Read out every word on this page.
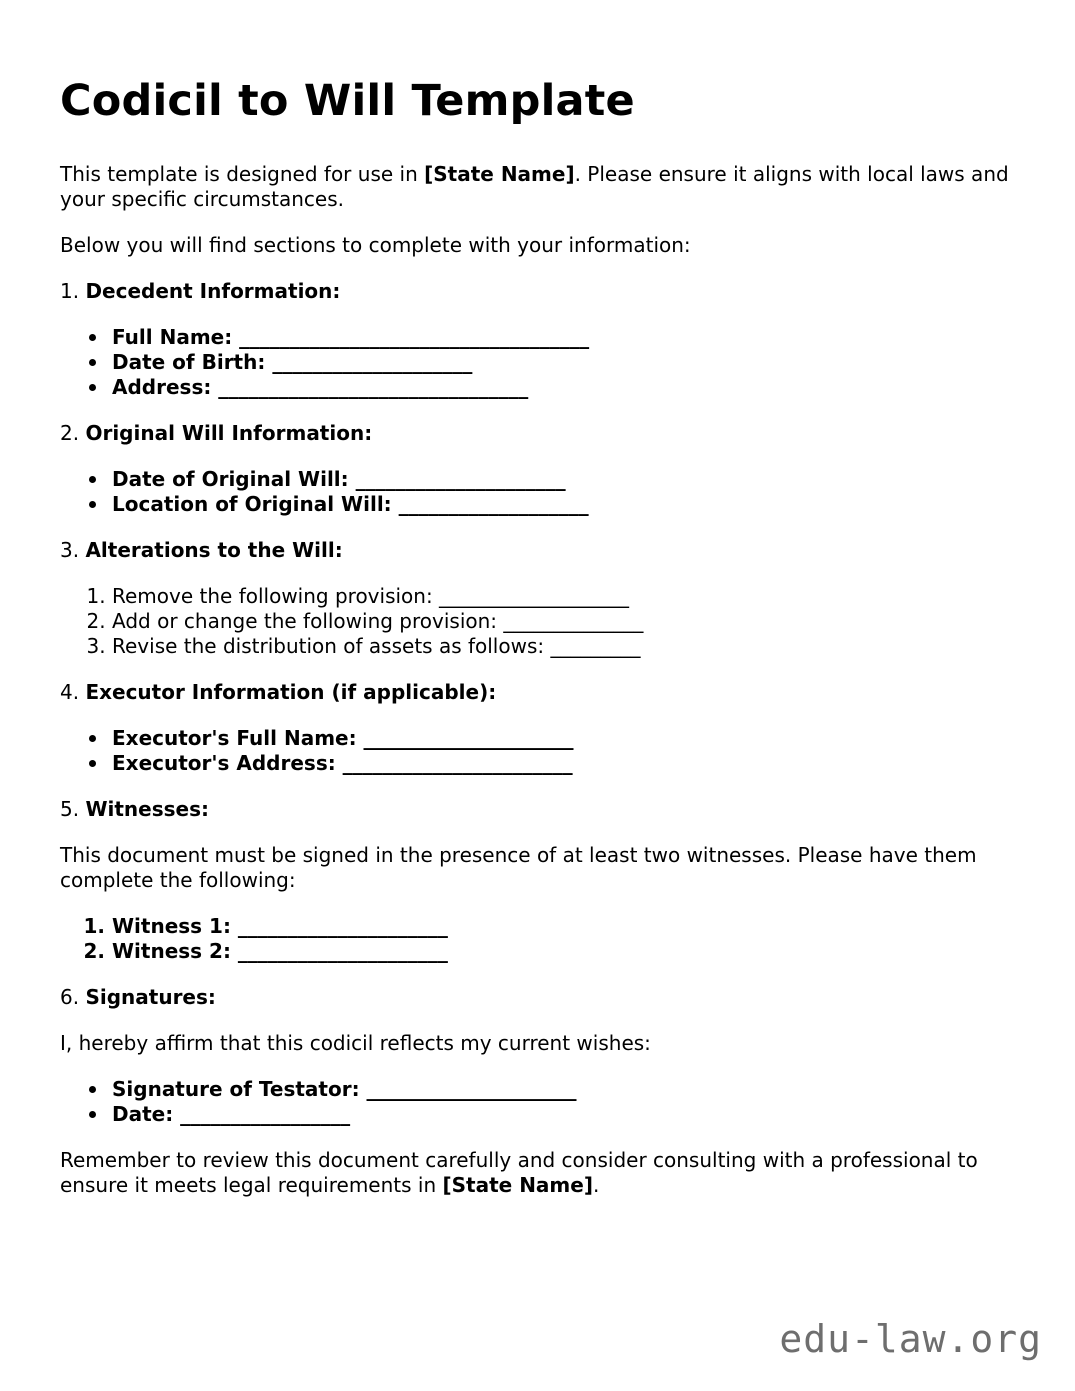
Codicil to Will Template

This template is designed for use in [State Name]. Please ensure it aligns with local laws and your specific circumstances.

Below you will find sections to complete with your information:

1. Decedent Information:
Full Name: ___________________________________
Date of Birth: ____________________
Address: _______________________________
2. Original Will Information:
Date of Original Will: _____________________
Location of Original Will: ___________________
3. Alterations to the Will:
1. Remove the following provision: ___________________
2. Add or change the following provision: ______________
3. Revise the distribution of assets as follows: _________
4. Executor Information (if applicable):
Executor's Full Name: _____________________
Executor's Address: _______________________
5. Witnesses:

This document must be signed in the presence of at least two witnesses. Please have them complete the following:

1. Witness 1: _____________________
2. Witness 2: _____________________
6. Signatures:

I, hereby affirm that this codicil reflects my current wishes:

Signature of Testator: _____________________
Date: _________________

Remember to review this document carefully and consider consulting with a professional to ensure it meets legal requirements in [State Name].

edu-law.org
